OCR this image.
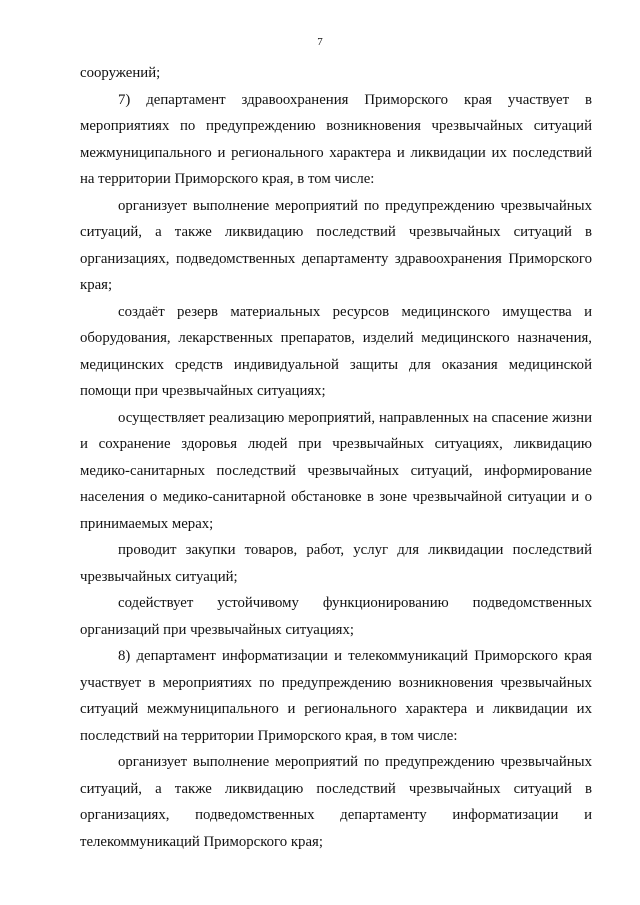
7

сооружений;

7) департамент здравоохранения Приморского края участвует в мероприятиях по предупреждению возникновения чрезвычайных ситуаций межмуниципального и регионального характера и ликвидации их последствий на территории Приморского края, в том числе:

организует выполнение мероприятий по предупреждению чрезвычайных ситуаций, а также ликвидацию последствий чрезвычайных ситуаций в организациях, подведомственных департаменту здравоохранения Приморского края;

создаёт резерв материальных ресурсов медицинского имущества и оборудования, лекарственных препаратов, изделий медицинского назначения, медицинских средств индивидуальной защиты для оказания медицинской помощи при чрезвычайных ситуациях;

осуществляет реализацию мероприятий, направленных на спасение жизни и сохранение здоровья людей при чрезвычайных ситуациях, ликвидацию медико-санитарных последствий чрезвычайных ситуаций, информирование населения о медико-санитарной обстановке в зоне чрезвычайной ситуации и о принимаемых мерах;

проводит закупки товаров, работ, услуг для ликвидации последствий чрезвычайных ситуаций;

содействует устойчивому функционированию подведомственных организаций при чрезвычайных ситуациях;

8) департамент информатизации и телекоммуникаций Приморского края участвует в мероприятиях по предупреждению возникновения чрезвычайных ситуаций межмуниципального и регионального характера и ликвидации их последствий на территории Приморского края, в том числе:

организует выполнение мероприятий по предупреждению чрезвычайных ситуаций, а также ликвидацию последствий чрезвычайных ситуаций в организациях, подведомственных департаменту информатизации и телекоммуникаций Приморского края;
